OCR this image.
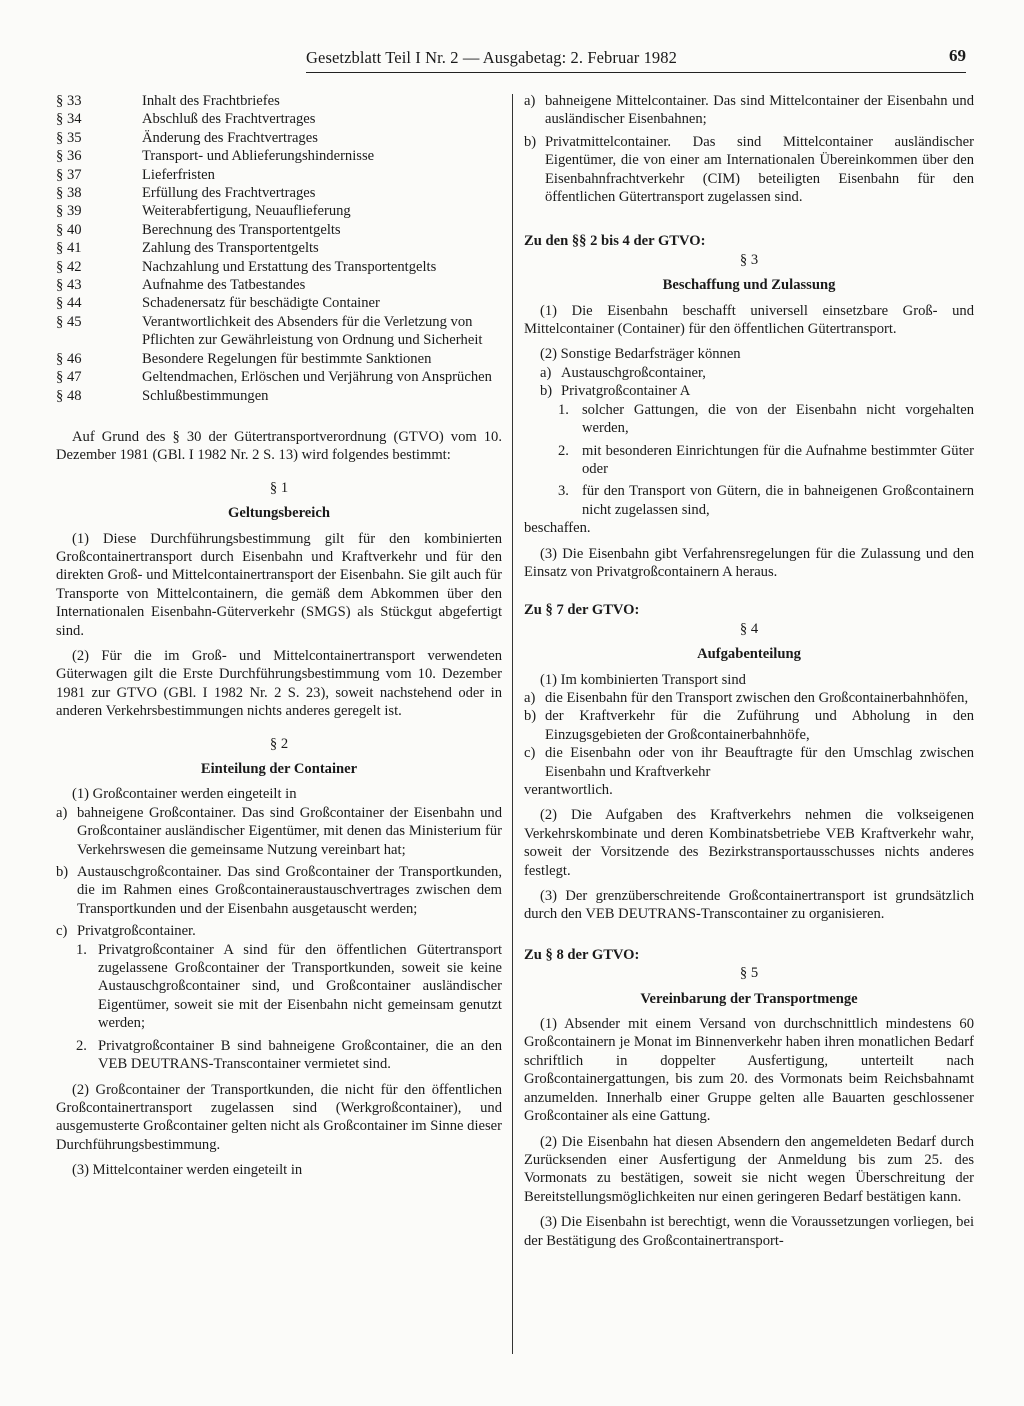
Gesetzblatt Teil I Nr. 2 — Ausgabetag: 2. Februar 1982	69
§ 33	Inhalt des Frachtbriefes
§ 34	Abschluß des Frachtvertrages
§ 35	Änderung des Frachtvertrages
§ 36	Transport- und Ablieferungshindernisse
§ 37	Lieferfristen
§ 38	Erfüllung des Frachtvertrages
§ 39	Weiterabfertigung, Neuauflieferung
§ 40	Berechnung des Transportentgelts
§ 41	Zahlung des Transportentgelts
§ 42	Nachzahlung und Erstattung des Transportentgelts
§ 43	Aufnahme des Tatbestandes
§ 44	Schadenersatz für beschädigte Container
§ 45	Verantwortlichkeit des Absenders für die Verletzung von Pflichten zur Gewährleistung von Ordnung und Sicherheit
§ 46	Besondere Regelungen für bestimmte Sanktionen
§ 47	Geltendmachen, Erlöschen und Verjährung von Ansprüchen
§ 48	Schlußbestimmungen

Auf Grund des § 30 der Gütertransportverordnung (GTVO) vom 10. Dezember 1981 (GBl. I 1982 Nr. 2 S. 13) wird folgendes bestimmt:

§ 1
Geltungsbereich

(1) Diese Durchführungsbestimmung gilt für den kombinierten Großcontainertransport durch Eisenbahn und Kraftverkehr und für den direkten Groß- und Mittelcontainertransport der Eisenbahn. Sie gilt auch für Transporte von Mittelcontainern, die gemäß dem Abkommen über den Internationalen Eisenbahn-Güterverkehr (SMGS) als Stückgut abgefertigt sind.

(2) Für die im Groß- und Mittelcontainertransport verwendeten Güterwagen gilt die Erste Durchführungsbestimmung vom 10. Dezember 1981 zur GTVO (GBl. I 1982 Nr. 2 S. 23), soweit nachstehend oder in anderen Verkehrsbestimmungen nichts anderes geregelt ist.

§ 2
Einteilung der Container

(1) Großcontainer werden eingeteilt in

a) bahneigene Großcontainer. Das sind Großcontainer der Eisenbahn und Großcontainer ausländischer Eigentümer, mit denen das Ministerium für Verkehrswesen die gemeinsame Nutzung vereinbart hat;
b) Austauschgroßcontainer. Das sind Großcontainer der Transportkunden, die im Rahmen eines Großcontaineraustauschvertrages zwischen dem Transportkunden und der Eisenbahn ausgetauscht werden;
c) Privatgroßcontainer.
1. Privatgroßcontainer A sind für den öffentlichen Gütertransport zugelassene Großcontainer der Transportkunden, soweit sie keine Austauschgroßcontainer sind, und Großcontainer ausländischer Eigentümer, soweit sie mit der Eisenbahn nicht gemeinsam genutzt werden;
2. Privatgroßcontainer B sind bahneigene Großcontainer, die an den VEB DEUTRANS-Transcontainer vermietet sind.

(2) Großcontainer der Transportkunden, die nicht für den öffentlichen Großcontainertransport zugelassen sind (Werkgroßcontainer), und ausgemusterte Großcontainer gelten nicht als Großcontainer im Sinne dieser Durchführungsbestimmung.

(3) Mittelcontainer werden eingeteilt in

a) bahneigene Mittelcontainer. Das sind Mittelcontainer der Eisenbahn und ausländischer Eisenbahnen;
b) Privatmittelcontainer. Das sind Mittelcontainer ausländischer Eigentümer, die von einer am Internationalen Übereinkommen über den Eisenbahnfrachtverkehr (CIM) beteiligten Eisenbahn für den öffentlichen Gütertransport zugelassen sind.
Zu den §§ 2 bis 4 der GTVO:
§ 3
Beschaffung und Zulassung

(1) Die Eisenbahn beschafft universell einsetzbare Groß- und Mittelcontainer (Container) für den öffentlichen Gütertransport.

(2) Sonstige Bedarfsträger können

a) Austauschgroßcontainer,
b) Privatgroßcontainer A
1. solcher Gattungen, die von der Eisenbahn nicht vorgehalten werden,
2. mit besonderen Einrichtungen für die Aufnahme bestimmter Güter oder
3. für den Transport von Gütern, die in bahneigenen Großcontainern nicht zugelassen sind,

beschaffen.

(3) Die Eisenbahn gibt Verfahrensregelungen für die Zulassung und den Einsatz von Privatgroßcontainern A heraus.

Zu § 7 der GTVO:
§ 4
Aufgabenteilung

(1) Im kombinierten Transport sind

a) die Eisenbahn für den Transport zwischen den Großcontainerbahnhöfen,
b) der Kraftverkehr für die Zuführung und Abholung in den Einzugsgebieten der Großcontainerbahnhöfe,
c) die Eisenbahn oder von ihr Beauftragte für den Umschlag zwischen Eisenbahn und Kraftverkehr

verantwortlich.

(2) Die Aufgaben des Kraftverkehrs nehmen die volkseigenen Verkehrskombinate und deren Kombinatsbetriebe VEB Kraftverkehr wahr, soweit der Vorsitzende des Bezirkstransportausschusses nichts anderes festlegt.

(3) Der grenzüberschreitende Großcontainertransport ist grundsätzlich durch den VEB DEUTRANS-Transcontainer zu organisieren.

Zu § 8 der GTVO:
§ 5
Vereinbarung der Transportmenge

(1) Absender mit einem Versand von durchschnittlich mindestens 60 Großcontainern je Monat im Binnenverkehr haben ihren monatlichen Bedarf schriftlich in doppelter Ausfertigung, unterteilt nach Großcontainergattungen, bis zum 20. des Vormonats beim Reichsbahnamt anzumelden. Innerhalb einer Gruppe gelten alle Bauarten geschlossener Großcontainer als eine Gattung.

(2) Die Eisenbahn hat diesen Absendern den angemeldeten Bedarf durch Zurücksenden einer Ausfertigung der Anmeldung bis zum 25. des Vormonats zu bestätigen, soweit sie nicht wegen Überschreitung der Bereitstellungsmöglichkeiten nur einen geringeren Bedarf bestätigen kann.

(3) Die Eisenbahn ist berechtigt, wenn die Voraussetzungen vorliegen, bei der Bestätigung des Großcontainertransport-
